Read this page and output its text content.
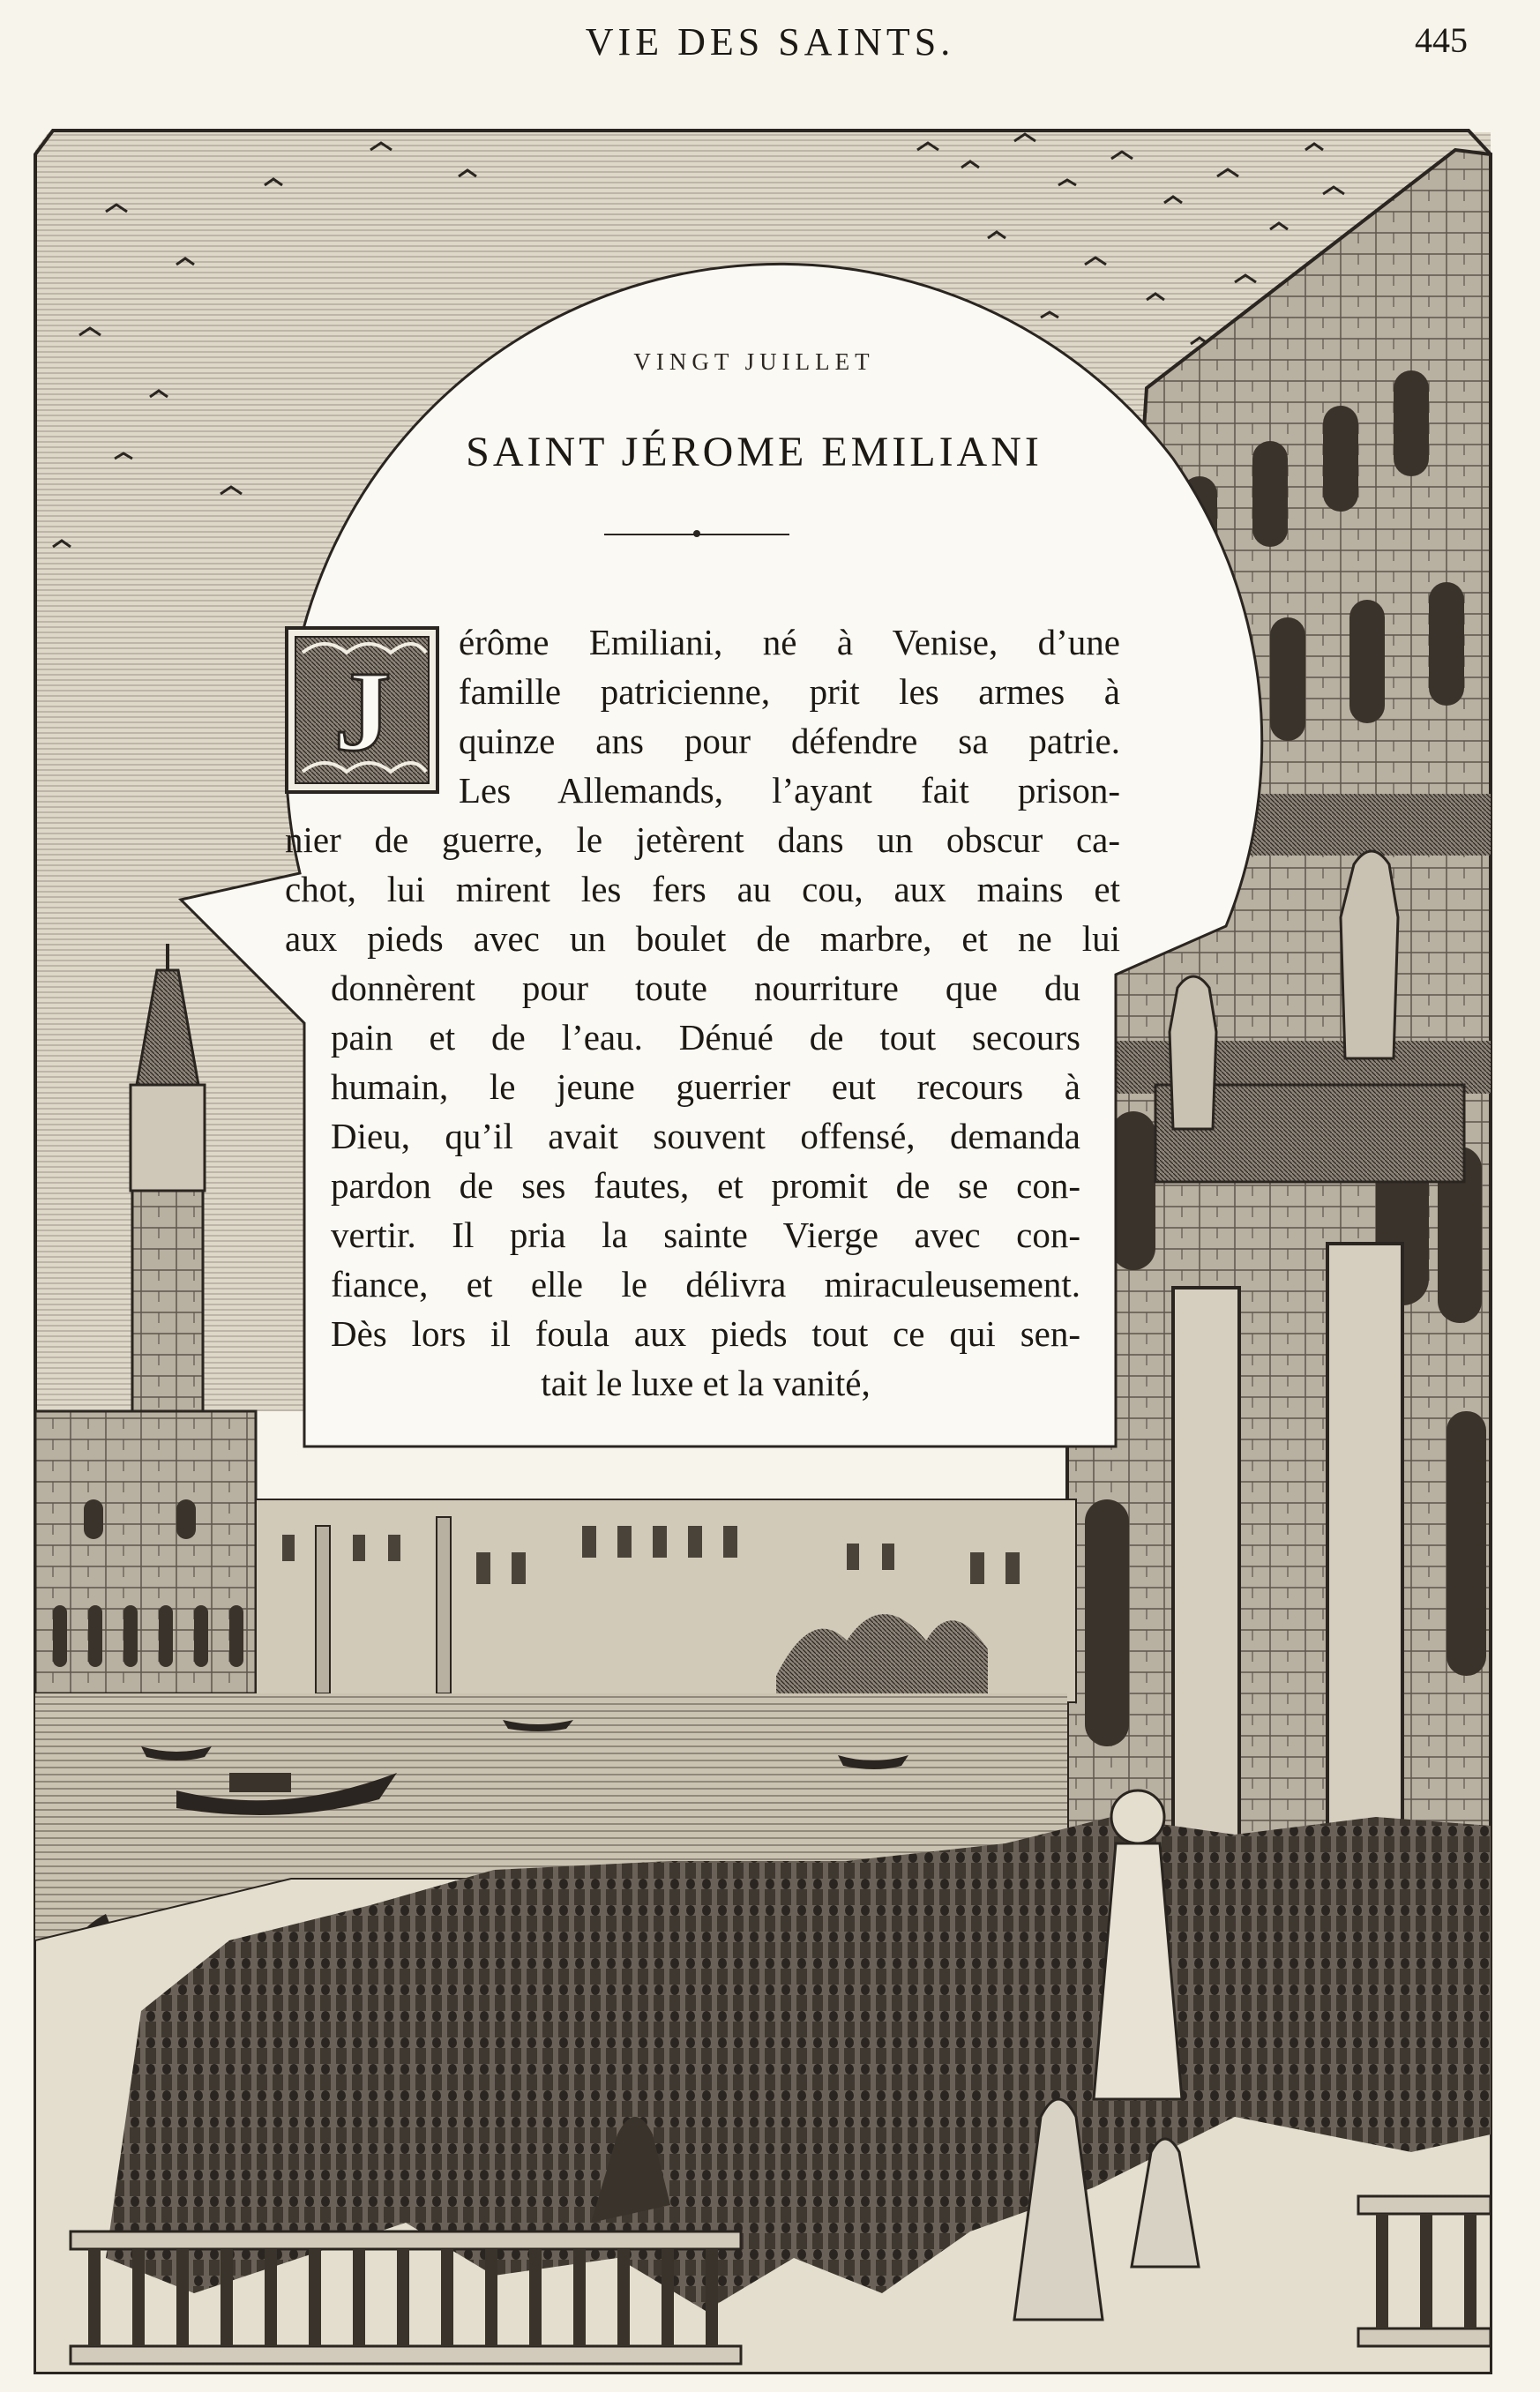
VIE DES SAINTS.	445
VINGT JUILLET
SAINT JÉROME EMILIANI
J
érôme Emiliani, né à Venise, d’une
famille patricienne, prit les armes à
quinze ans pour défendre sa patrie.
Les Allemands, l’ayant fait prison-
nier de guerre, le jetèrent dans un obscur ca-
chot, lui mirent les fers au cou, aux mains et
aux pieds avec un boulet de marbre, et ne lui
donnèrent pour toute nourriture que du
pain et de l’eau. Dénué de tout secours
humain, le jeune guerrier eut recours à
Dieu, qu’il avait souvent offensé, demanda
pardon de ses fautes, et promit de se con-
vertir. Il pria la sainte Vierge avec con-
fiance, et elle le délivra miraculeusement.
Dès lors il foula aux pieds tout ce qui sen-
tait le luxe et la vanité,
